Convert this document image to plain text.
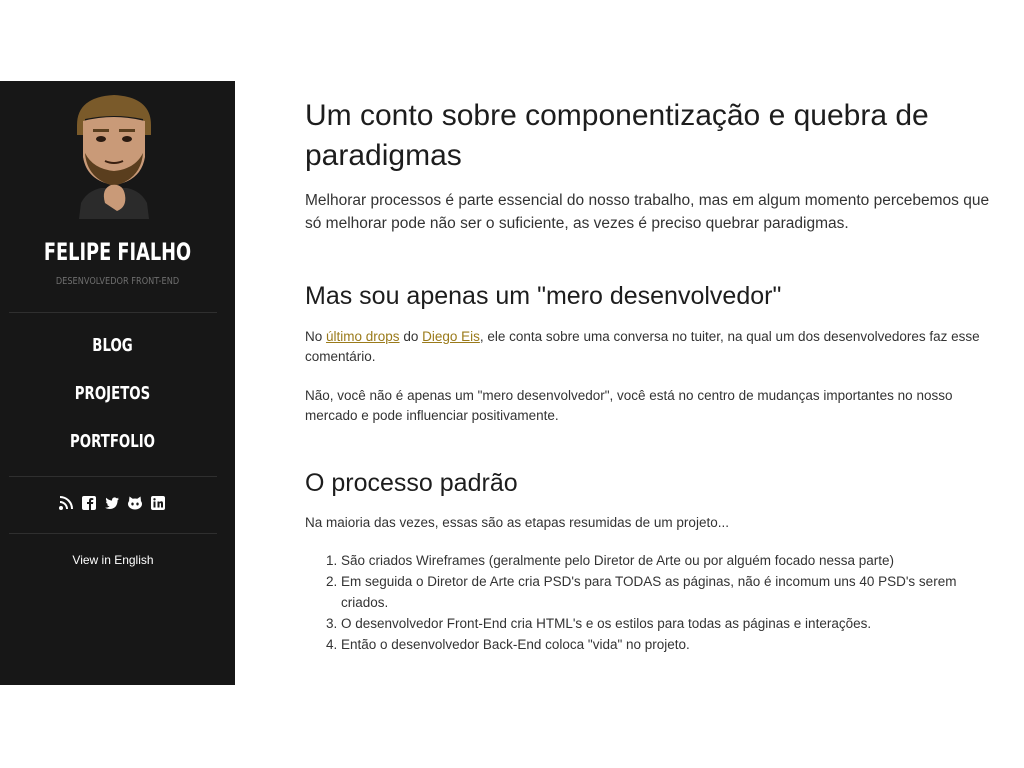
FELIPE FIALHO
DESENVOLVEDOR FRONT-END
BLOG
PROJETOS
PORTFOLIO
View in English
Um conto sobre componentização e quebra de paradigmas

Melhorar processos é parte essencial do nosso trabalho, mas em algum momento percebemos que só melhorar pode não ser o suficiente, as vezes é preciso quebrar paradigmas.

Mas sou apenas um "mero desenvolvedor"

No último drops do Diego Eis, ele conta sobre uma conversa no tuiter, na qual um dos desenvolvedores faz esse comentário.

Não, você não é apenas um "mero desenvolvedor", você está no centro de mudanças importantes no nosso mercado e pode influenciar positivamente.

O processo padrão

Na maioria das vezes, essas são as etapas resumidas de um projeto...

1. São criados Wireframes (geralmente pelo Diretor de Arte ou por alguém focado nessa parte)
2. Em seguida o Diretor de Arte cria PSD's para TODAS as páginas, não é incomum uns 40 PSD's serem criados.
3. O desenvolvedor Front-End cria HTML's e os estilos para todas as páginas e interações.
4. Então o desenvolvedor Back-End coloca "vida" no projeto.
